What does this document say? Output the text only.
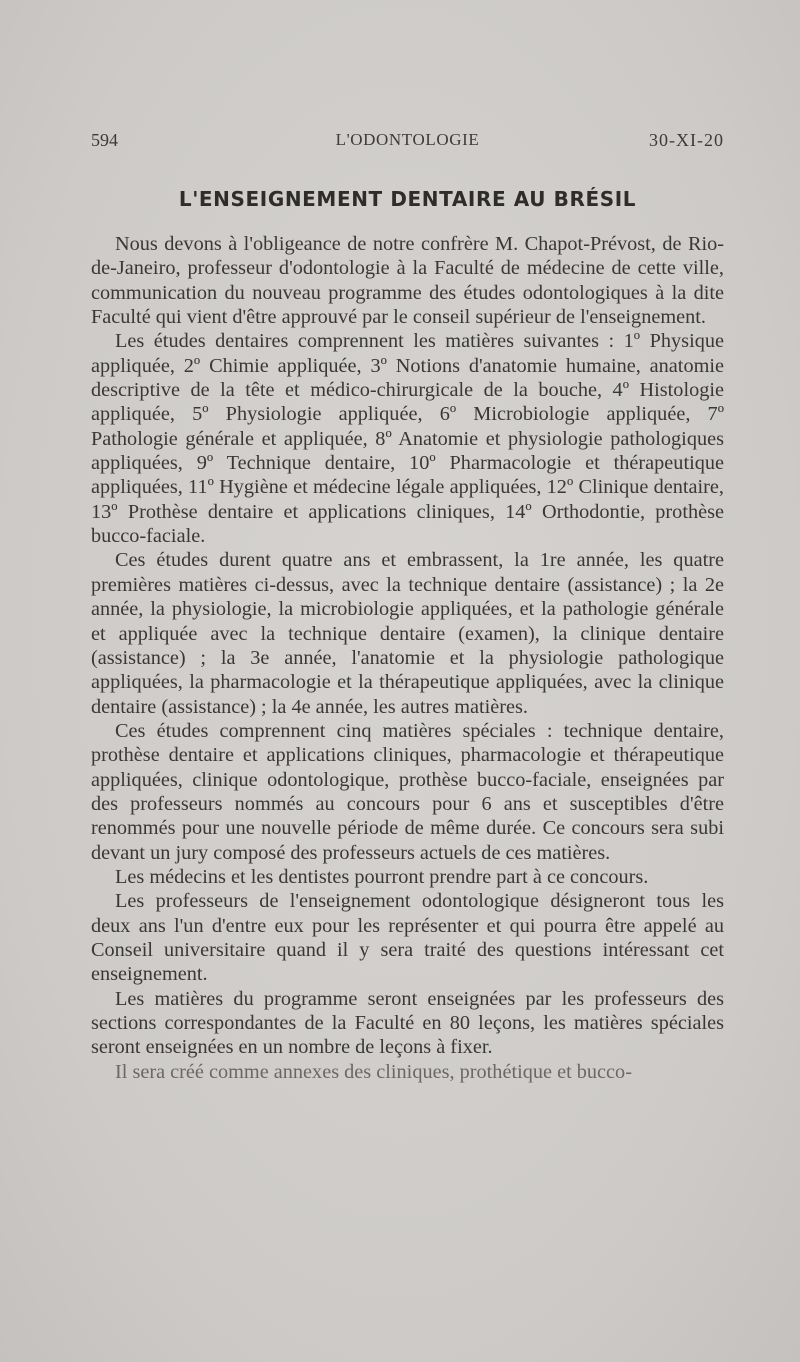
594	L'ODONTOLOGIE	30-XI-20
L'ENSEIGNEMENT DENTAIRE AU BRÉSIL

Nous devons à l'obligeance de notre confrère M. Chapot-Prévost, de Rio-de-Janeiro, professeur d'odontologie à la Faculté de médecine de cette ville, communication du nouveau programme des études odontologiques à la dite Faculté qui vient d'être approuvé par le conseil supérieur de l'enseignement.

Les études dentaires comprennent les matières suivantes : 1º Physique appliquée, 2º Chimie appliquée, 3º Notions d'anatomie humaine, anatomie descriptive de la tête et médico-chirurgicale de la bouche, 4º Histologie appliquée, 5º Physiologie appliquée, 6º Microbiologie appliquée, 7º Pathologie générale et appliquée, 8º Anatomie et physiologie pathologiques appliquées, 9º Technique dentaire, 10º Pharmacologie et thérapeutique appliquées, 11º Hygiène et médecine légale appliquées, 12º Clinique dentaire, 13º Prothèse dentaire et applications cliniques, 14º Orthodontie, prothèse bucco-faciale.

Ces études durent quatre ans et embrassent, la 1re année, les quatre premières matières ci-dessus, avec la technique dentaire (assistance) ; la 2e année, la physiologie, la microbiologie appliquées, et la pathologie générale et appliquée avec la technique dentaire (examen), la clinique dentaire (assistance) ; la 3e année, l'anatomie et la physiologie pathologique appliquées, la pharmacologie et la thérapeutique appliquées, avec la clinique dentaire (assistance) ; la 4e année, les autres matières.

Ces études comprennent cinq matières spéciales : technique dentaire, prothèse dentaire et applications cliniques, pharmacologie et thérapeutique appliquées, clinique odontologique, prothèse bucco-faciale, enseignées par des professeurs nommés au concours pour 6 ans et susceptibles d'être renommés pour une nouvelle période de même durée. Ce concours sera subi devant un jury composé des professeurs actuels de ces matières.

Les médecins et les dentistes pourront prendre part à ce concours.

Les professeurs de l'enseignement odontologique désigneront tous les deux ans l'un d'entre eux pour les représenter et qui pourra être appelé au Conseil universitaire quand il y sera traité des questions intéressant cet enseignement.

Les matières du programme seront enseignées par les professeurs des sections correspondantes de la Faculté en 80 leçons, les matières spéciales seront enseignées en un nombre de leçons à fixer.

Il sera créé comme annexes des cliniques, prothétique et bucco-
